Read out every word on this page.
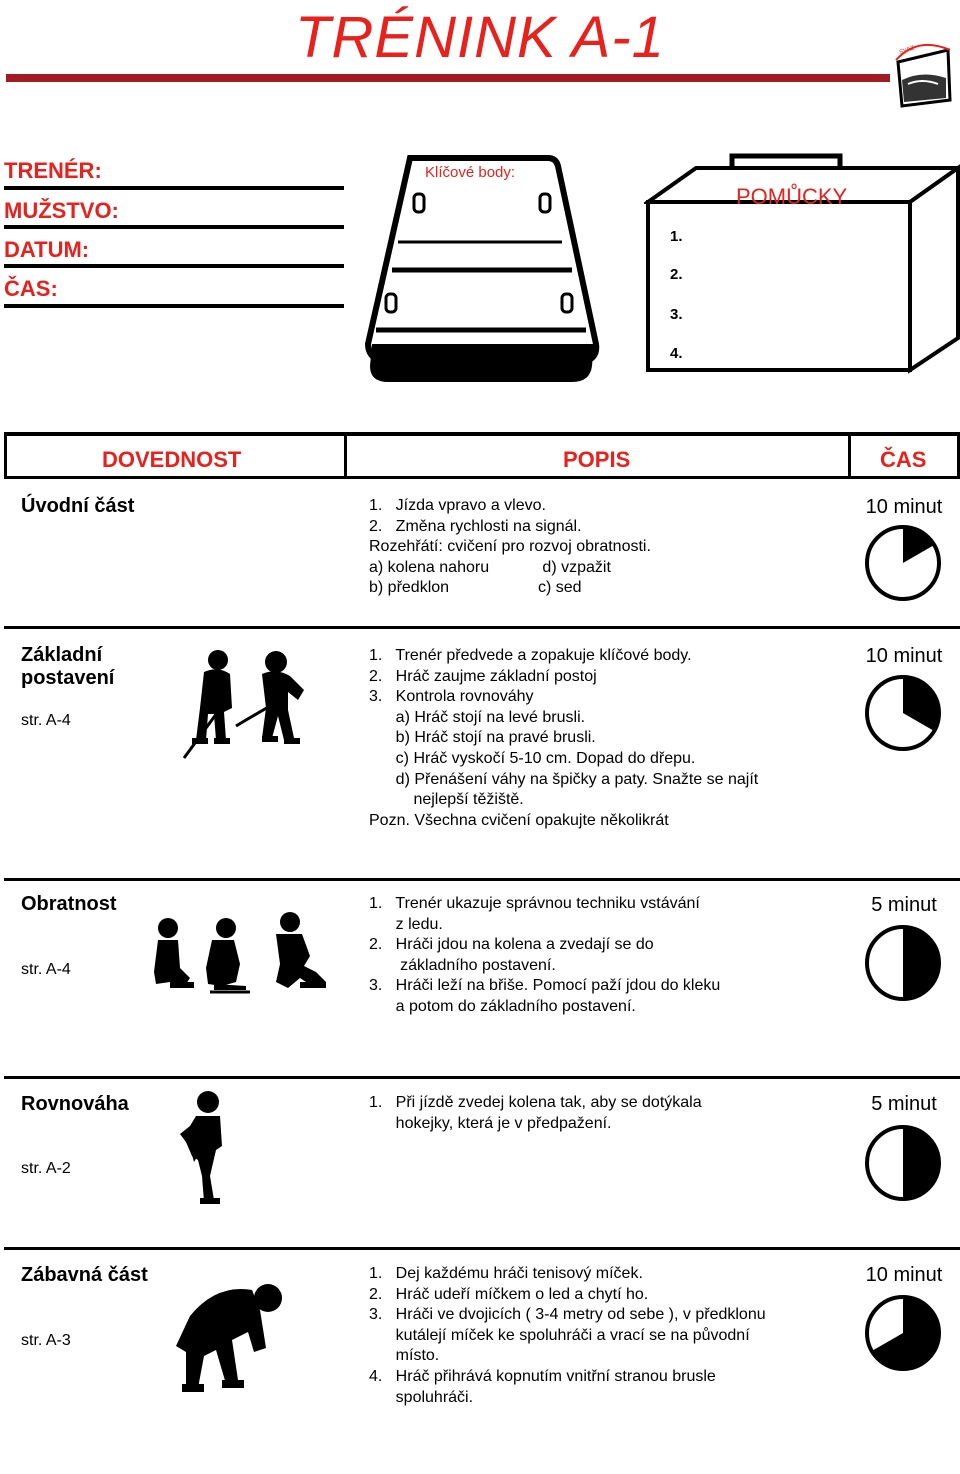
TRÉNINK A-1	SVAZ
TRENÉR:
MUŽSTVO:
DATUM:
ČAS:
Klíčové body:
POMŮCKY
1.
2.
3.
4.
DOVEDNOST	POPIS	ČAS
Úvodní část	1.   Jízda vpravo a vlevo.
2.   Změna rychlosti na signál.
Rozehřátí: cvičení pro rozvoj obratnosti.
a) kolena nahoru            d) vzpažit
b) předklon                    c) sed
10 minut
Základní postavení
str. A-4
1.   Trenér předvede a zopakuje klíčové body.
2.   Hráč zaujme základní postoj
3.   Kontrola rovnováhy
a) Hráč stojí na levé brusli.
b) Hráč stojí na pravé brusli.
c) Hráč vyskočí 5-10 cm. Dopad do dřepu.
d) Přenášení váhy na špičky a paty. Snažte se najít
nejlepší těžiště.
Pozn. Všechna cvičení opakujte několikrát
10 minut
Obratnost
str. A-4
1.   Trenér ukazuje správnou techniku vstávání
z ledu.
2.   Hráči jdou na kolena a zvedají se do
základního postavení.
3.   Hráči leží na břiše. Pomocí paží jdou do kleku
a potom do základního postavení.
5 minut
Rovnováha
str. A-2
1.   Při jízdě zvedej kolena tak, aby se dotýkala
hokejky, která je v předpažení.
5 minut
Zábavná část
str. A-3
1.   Dej každému hráči tenisový míček.
2.   Hráč udeří míčkem o led a chytí ho.
3.   Hráči ve dvojicích ( 3-4 metry od sebe ), v předklonu
kutálejí míček ke spoluhráči a vrací se na původní
místo.
4.   Hráč přihrává kopnutím vnitřní stranou brusle
spoluhráči.
10 minut
